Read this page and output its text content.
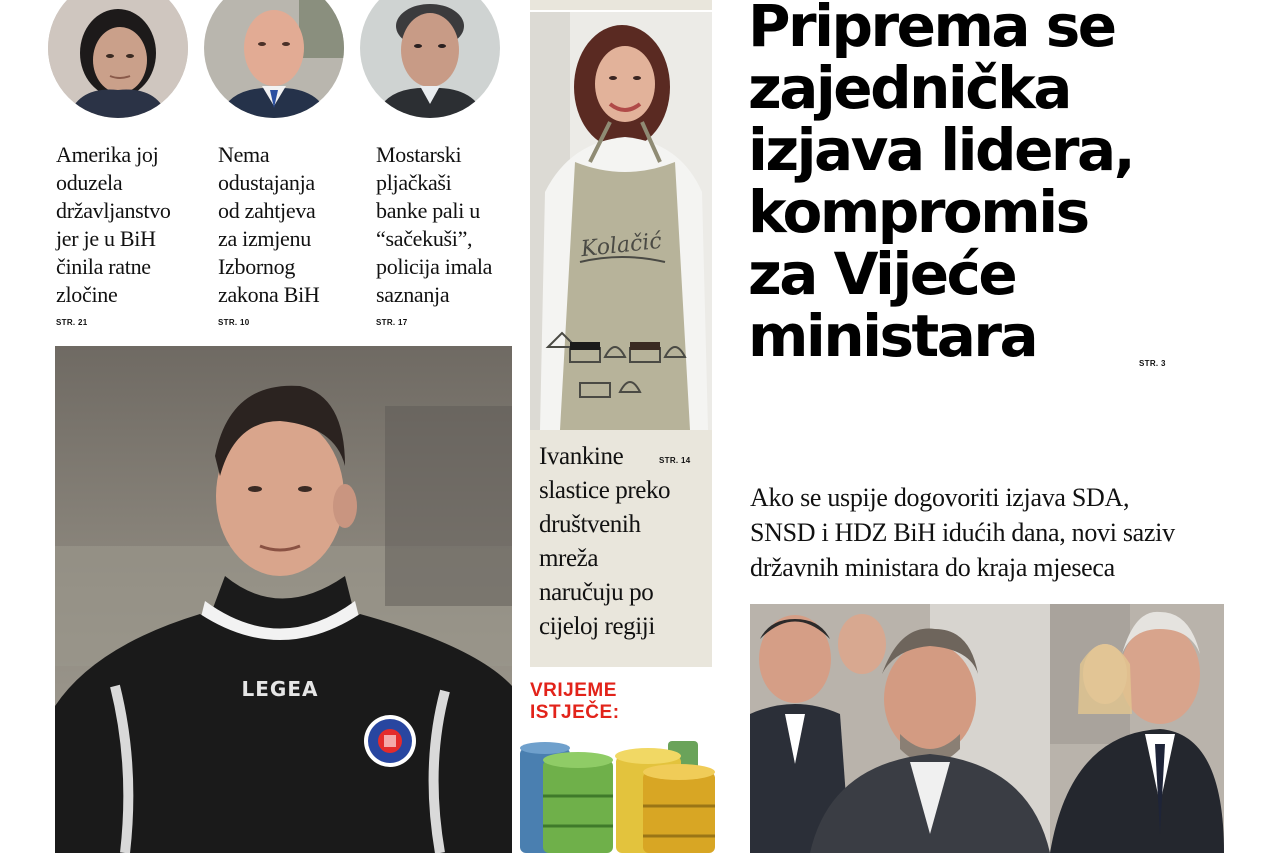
Amerika joj
oduzela
državljanstvo
jer je u BiH
činila ratne
zločine
STR. 21
Nema
odustajanja
od zahtjeva
za izmjenu
Izbornog
zakona BiH
STR. 10
Mostarski
pljačkaši
banke pali u
“sačekuši”,
policija imala
saznanja
STR. 17
LEGEA
Kolačić
Ivankine
slastice preko
društvenih
mreža
naručuju po
cijeloj regiji
STR. 14
VRIJEME
ISTJEČE:
Priprema se
zajednička
izjava lidera,
kompromis
za Vijeće
ministara	STR. 3
Ako se uspije dogovoriti izjava SDA,
SNSD i HDZ BiH idućih dana, novi saziv
državnih ministara do kraja mjeseca
